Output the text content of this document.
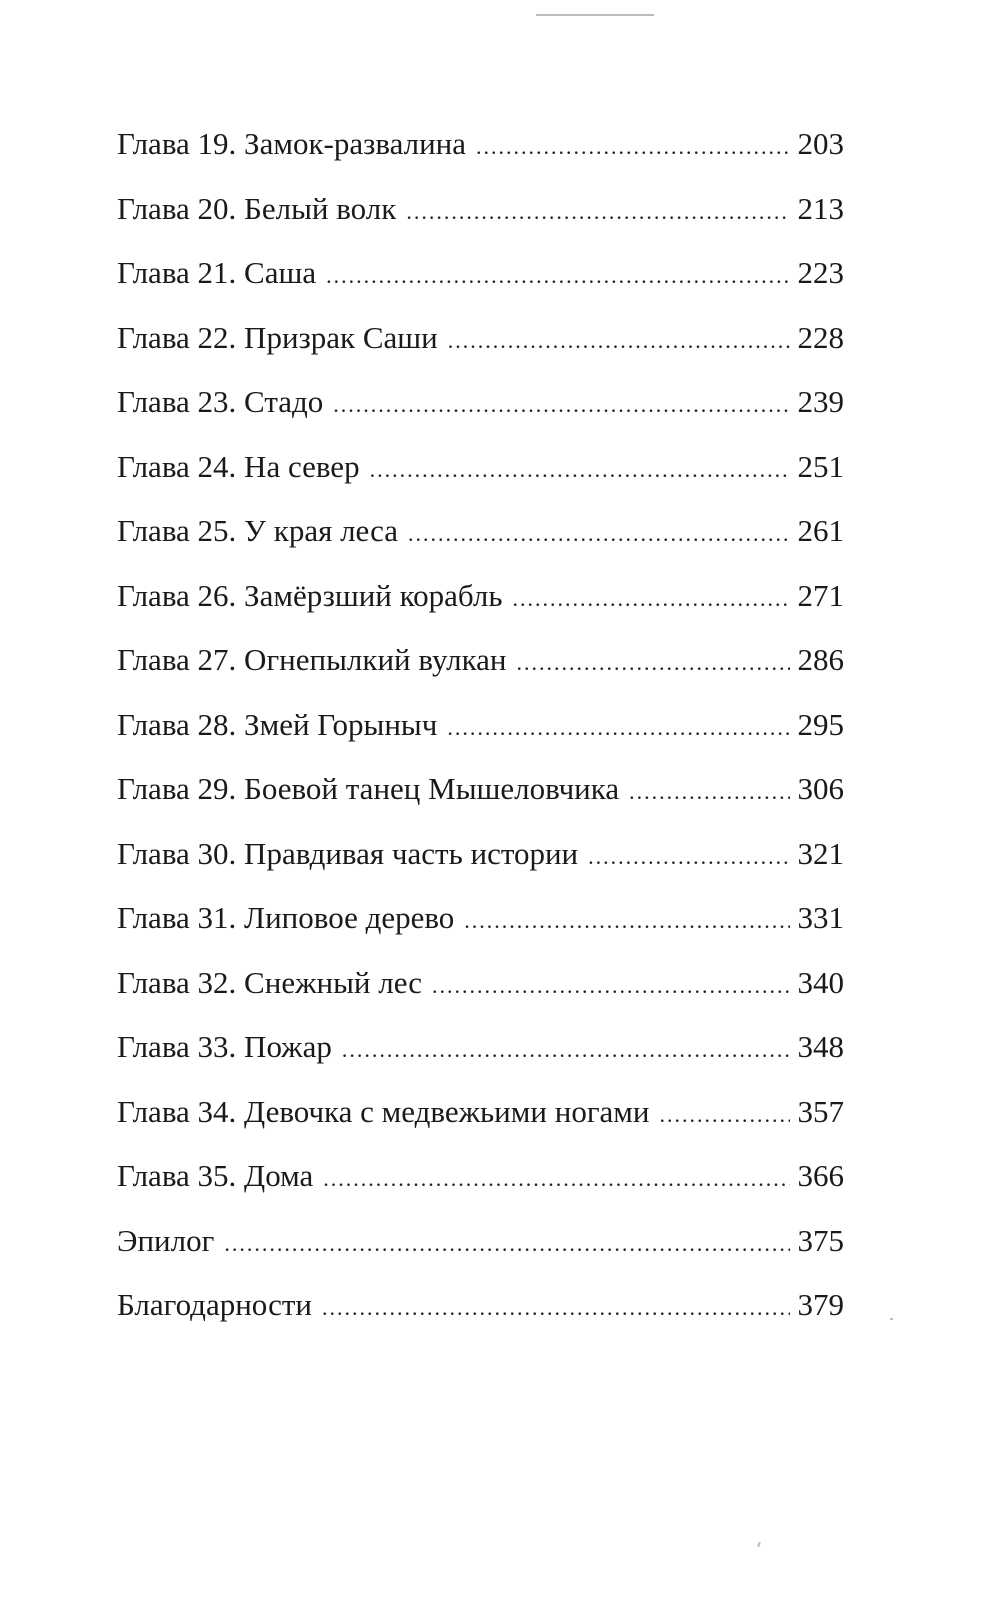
Глава 19. Замок-развалина .....	203
Глава 20. Белый волк .....	213
Глава 21. Саша .....	223
Глава 22. Призрак Саши .....	228
Глава 23. Стадо .....	239
Глава 24. На север .....	251
Глава 25. У края леса .....	261
Глава 26. Замёрзший корабль .....	271
Глава 27. Огнепылкий вулкан .....	286
Глава 28. Змей Горыныч .....	295
Глава 29. Боевой танец Мышеловчика .....	306
Глава 30. Правдивая часть истории .....	321
Глава 31. Липовое дерево .....	331
Глава 32. Снежный лес .....	340
Глава 33. Пожар .....	348
Глава 34. Девочка с медвежьими ногами .....	357
Глава 35. Дома .....	366
Эпилог .....	375
Благодарности .....	379
